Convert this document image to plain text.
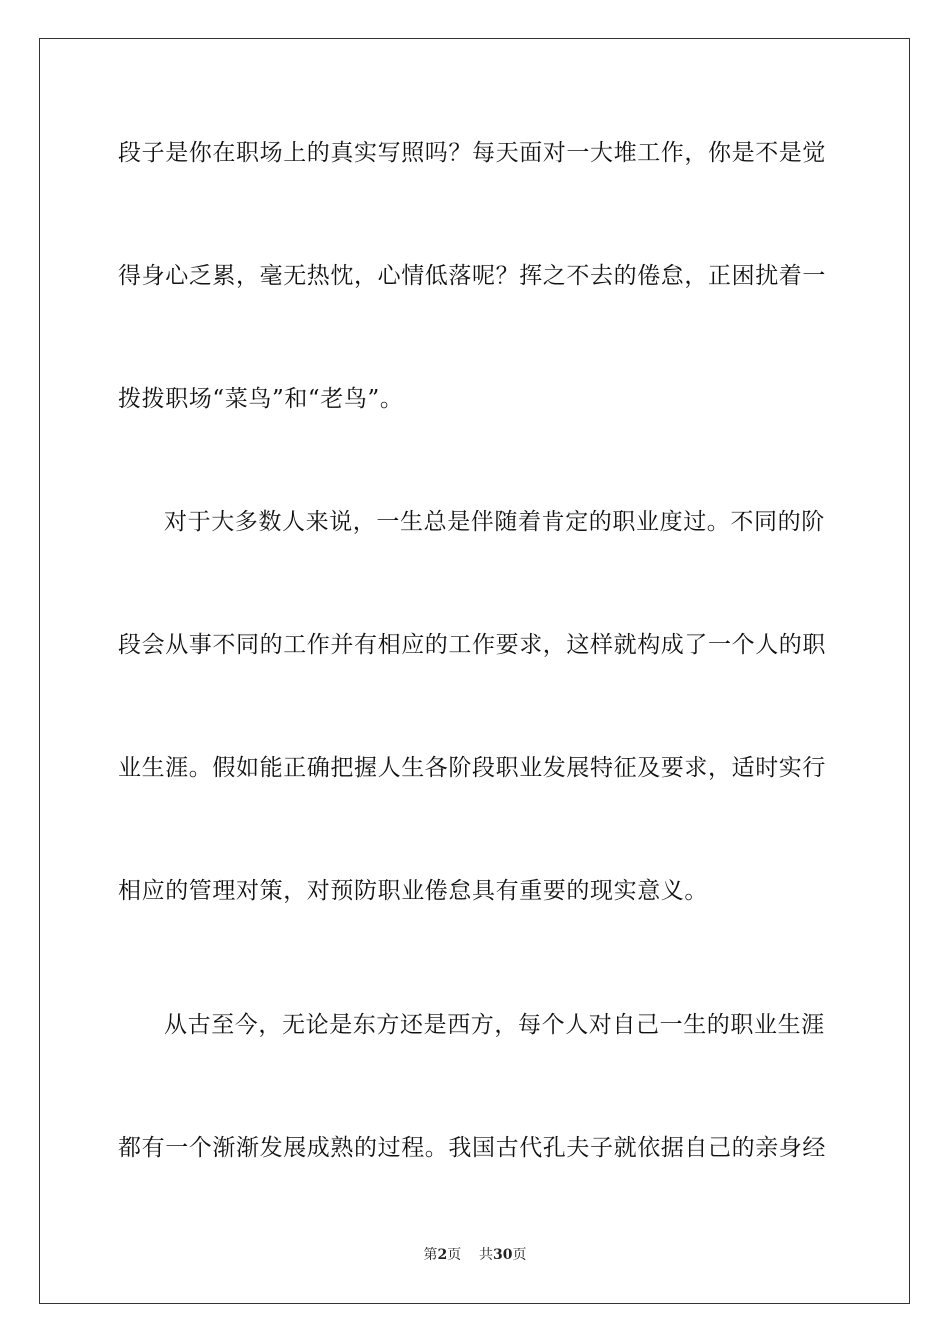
段子是你在职场上的真实写照吗？每天面对一大堆工作，你是不是觉
得身心乏累，毫无热忱，心情低落呢？挥之不去的倦怠，正困扰着一
拨拨职场“菜鸟”和“老鸟”。
对于大多数人来说，一生总是伴随着肯定的职业度过。不同的阶
段会从事不同的工作并有相应的工作要求，这样就构成了一个人的职
业生涯。假如能正确把握人生各阶段职业发展特征及要求，适时实行
相应的管理对策，对预防职业倦怠具有重要的现实意义。
从古至今，无论是东方还是西方，每个人对自己一生的职业生涯
都有一个渐渐发展成熟的过程。我国古代孔夫子就依据自己的亲身经
第2页 共30页
